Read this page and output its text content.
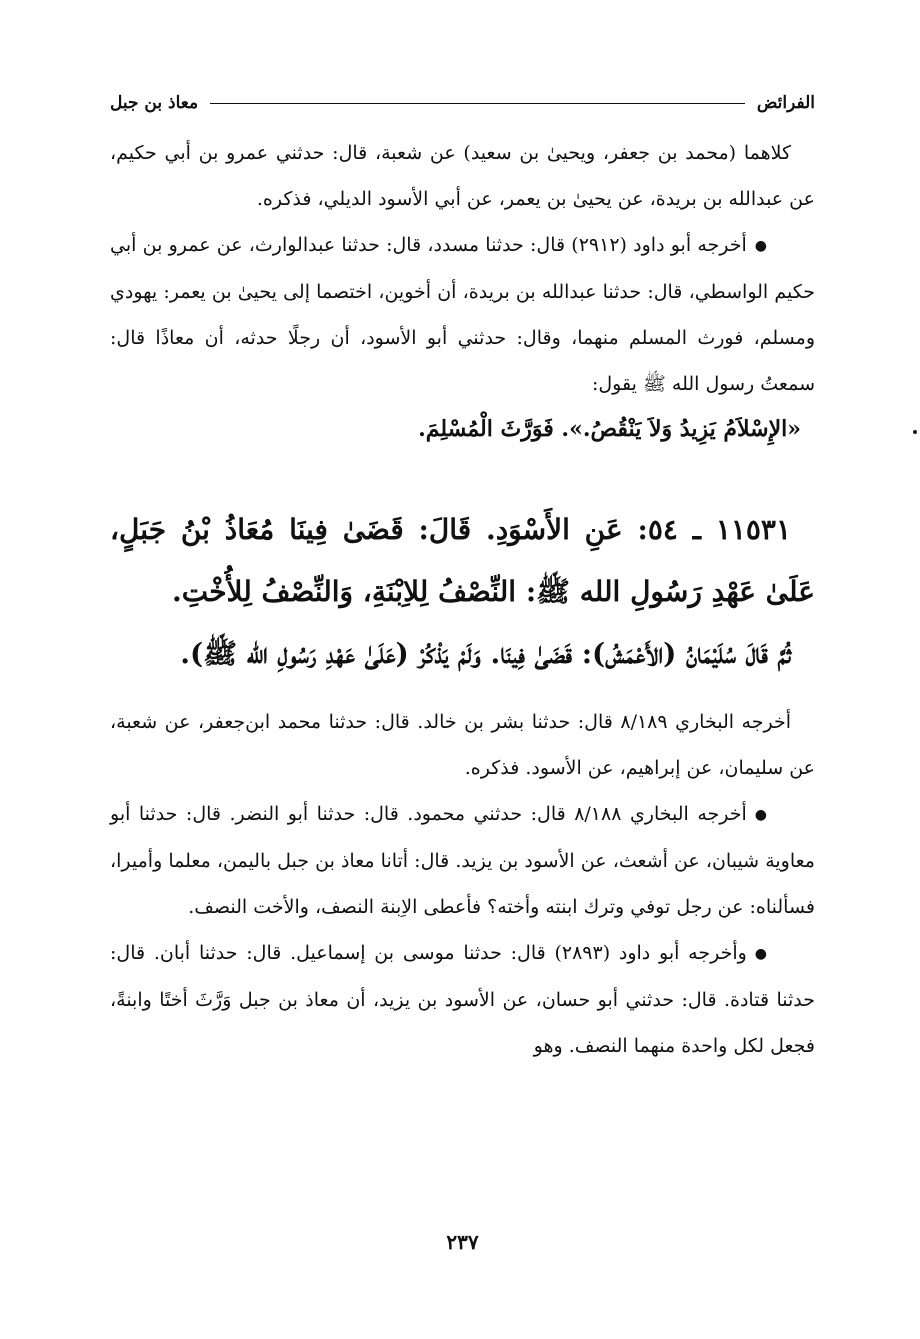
الفرائض
معاذ بن جبل

كلاهما (محمد بن جعفر، ويحيىٰ بن سعيد) عن شعبة، قال: حدثني عمرو بن أبي حكيم، عن عبدالله بن بريدة، عن يحيىٰ بن يعمر، عن أبي الأسود الديلي، فذكره.

●أخرجه أبو داود (٢٩١٢) قال: حدثنا مسدد، قال: حدثنا عبدالوارث، عن عمرو بن أبي حكيم الواسطي، قال: حدثنا عبدالله بن بريدة، أن أخوين، اختصما إلى يحيىٰ بن يعمر: يهودي ومسلم، فورث المسلم منهما، وقال: حدثني أبو الأسود، أن رجلًا حدثه، أن معاذًا قال: سمعتُ رسول الله ﷺ يقول:

«الإِسْلاَمُ يَزِيدُ وَلاَ يَنْقُصُ.». فَوَرَّثَ الْمُسْلِمَ.

١١٥٣١ ـ ٥٤: عَنِ الأَسْوَدِ. قَالَ: قَضَىٰ فِينَا مُعَاذُ بْنُ جَبَلٍ، عَلَىٰ عَهْدِ رَسُولِ الله ﷺ: النِّصْفُ لِلاِبْنَةِ، وَالنِّصْفُ لِلأُخْتِ.

ثُمَّ قَالَ سُلَيْمَانُ (الأَعْمَشُ): قَضَىٰ فِينَا. وَلَمْ يَذْكُرْ (عَلَىٰ عَهْدِ رَسُولِ الله ﷺ).

أخرجه البخاري ٨/١٨٩ قال: حدثنا بشر بن خالد. قال: حدثنا محمد ابن‌جعفر، عن شعبة، عن سليمان، عن إبراهيم، عن الأسود. فذكره.

●أخرجه البخاري ٨/١٨٨ قال: حدثني محمود. قال: حدثنا أبو النضر. قال: حدثنا أبو معاوية شيبان، عن أشعث، عن الأسود بن يزيد. قال: أتانا معاذ بن جبل باليمن، معلما وأميرا، فسألناه: عن رجل توفي وترك ابنته وأخته؟ فأعطى الاِبنة النصف، والأخت النصف.

●وأخرجه أبو داود (٢٨٩٣) قال: حدثنا موسى بن إسماعيل. قال: حدثنا أبان. قال: حدثنا قتادة. قال: حدثني أبو حسان، عن الأسود بن يزيد، أن معاذ بن جبل وَرَّثَ أختًا وابنةً، فجعل لكل واحدة منهما النصف. وهو

٢٣٧
